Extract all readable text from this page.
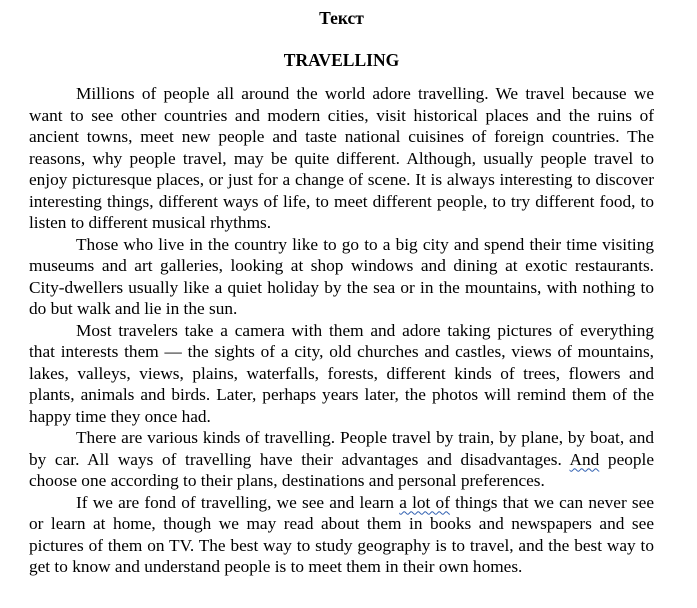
Текст

TRAVELLING

Millions of people all around the world adore travelling. We travel because we want to see other countries and modern cities, visit historical places and the ruins of ancient towns, meet new people and taste national cuisines of foreign countries. The reasons, why people travel, may be quite different. Although, usually people travel to enjoy picturesque places, or just for a change of scene. It is always interesting to discover interesting things, different ways of life, to meet different people, to try different food, to listen to different musical rhythms.

Those who live in the country like to go to a big city and spend their time visiting museums and art galleries, looking at shop windows and dining at exotic restaurants. City-dwellers usually like a quiet holiday by the sea or in the mountains, with nothing to do but walk and lie in the sun.

Most travelers take a camera with them and adore taking pictures of everything that interests them — the sights of a city, old churches and castles, views of mountains, lakes, valleys, views, plains, waterfalls, forests, different kinds of trees, flowers and plants, animals and birds. Later, perhaps years later, the photos will remind them of the happy time they once had.

There are various kinds of travelling. People travel by train, by plane, by boat, and by car. All ways of travelling have their advantages and disadvantages. And people choose one according to their plans, destinations and personal preferences.

If we are fond of travelling, we see and learn a lot of things that we can never see or learn at home, though we may read about them in books and newspapers and see pictures of them on TV. The best way to study geography is to travel, and the best way to get to know and understand people is to meet them in their own homes.
